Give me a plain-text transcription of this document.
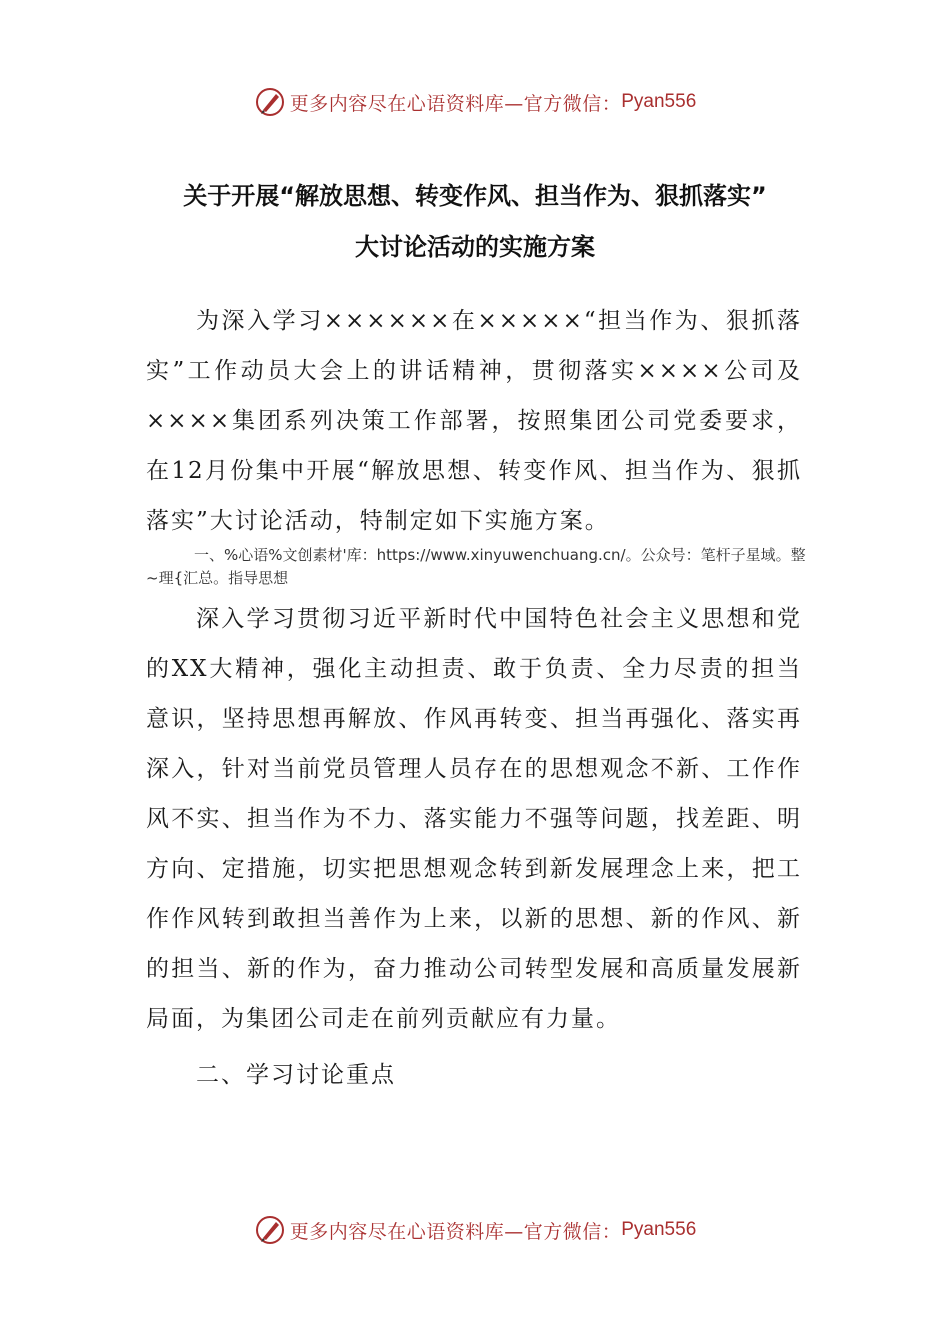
更多内容尽在心语资料库—官方微信： Pyan556
关于开展“解放思想、转变作风、担当作为、狠抓落实”
大讨论活动的实施方案

为深入学习××××××在×××××“担当作为、狠抓落实”工作动员大会上的讲话精神，贯彻落实××××公司及××××集团系列决策工作部署，按照集团公司党委要求，在12月份集中开展“解放思想、转变作风、担当作为、狠抓落实”大讨论活动，特制定如下实施方案。

一、%心语%文创素材'库：https://www.xinyuwenchuang.cn/。公众号：笔杆子星域。整~理{汇总。指导思想

深入学习贯彻习近平新时代中国特色社会主义思想和党的XX大精神，强化主动担责、敢于负责、全力尽责的担当意识，坚持思想再解放、作风再转变、担当再强化、落实再深入，针对当前党员管理人员存在的思想观念不新、工作作风不实、担当作为不力、落实能力不强等问题，找差距、明方向、定措施，切实把思想观念转到新发展理念上来，把工作作风转到敢担当善作为上来，以新的思想、新的作风、新的担当、新的作为，奋力推动公司转型发展和高质量发展新局面，为集团公司走在前列贡献应有力量。

二、学习讨论重点

更多内容尽在心语资料库—官方微信： Pyan556
